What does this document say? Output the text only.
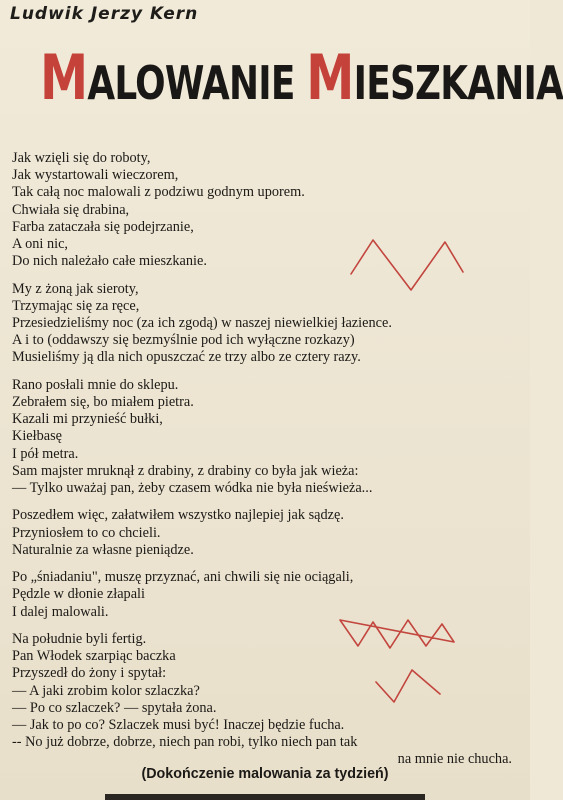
Ludwik Jerzy Kern
MALOWANIE MIESZKANIA
Jak wzięli się do roboty,
Jak wystartowali wieczorem,
Tak całą noc malowali z podziwu godnym uporem.
Chwiała się drabina,
Farba zataczała się podejrzanie,
A oni nic,
Do nich należało całe mieszkanie.
My z żoną jak sieroty,
Trzymając się za ręce,
Przesiedzieliśmy noc (za ich zgodą) w naszej niewielkiej łazience.
A i to (oddawszy się bezmyślnie pod ich wyłączne rozkazy)
Musieliśmy ją dla nich opuszczać ze trzy albo ze cztery razy.
Rano posłali mnie do sklepu.
Zebrałem się, bo miałem pietra.
Kazali mi przynieść bułki,
Kiełbasę
I pół metra.
Sam majster mruknął z drabiny, z drabiny co była jak wieża:
— Tylko uważaj pan, żeby czasem wódka nie była nieświeża...
Poszedłem więc, załatwiłem wszystko najlepiej jak sądzę.
Przyniosłem to co chcieli.
Naturalnie za własne pieniądze.
Po „śniadaniu", muszę przyznać, ani chwili się nie ociągali,
Pędzle w dłonie złapali
I dalej malowali.
Na południe byli fertig.
Pan Włodek szarpiąc baczka
Przyszedł do żony i spytał:
— A jaki zrobim kolor szlaczka?
— Po co szlaczek? — spytała żona.
— Jak to po co? Szlaczek musi być! Inaczej będzie fucha.
-- No już dobrze, dobrze, niech pan robi, tylko niech pan tak
na mnie nie chucha.
(Dokończenie malowania za tydzień)
